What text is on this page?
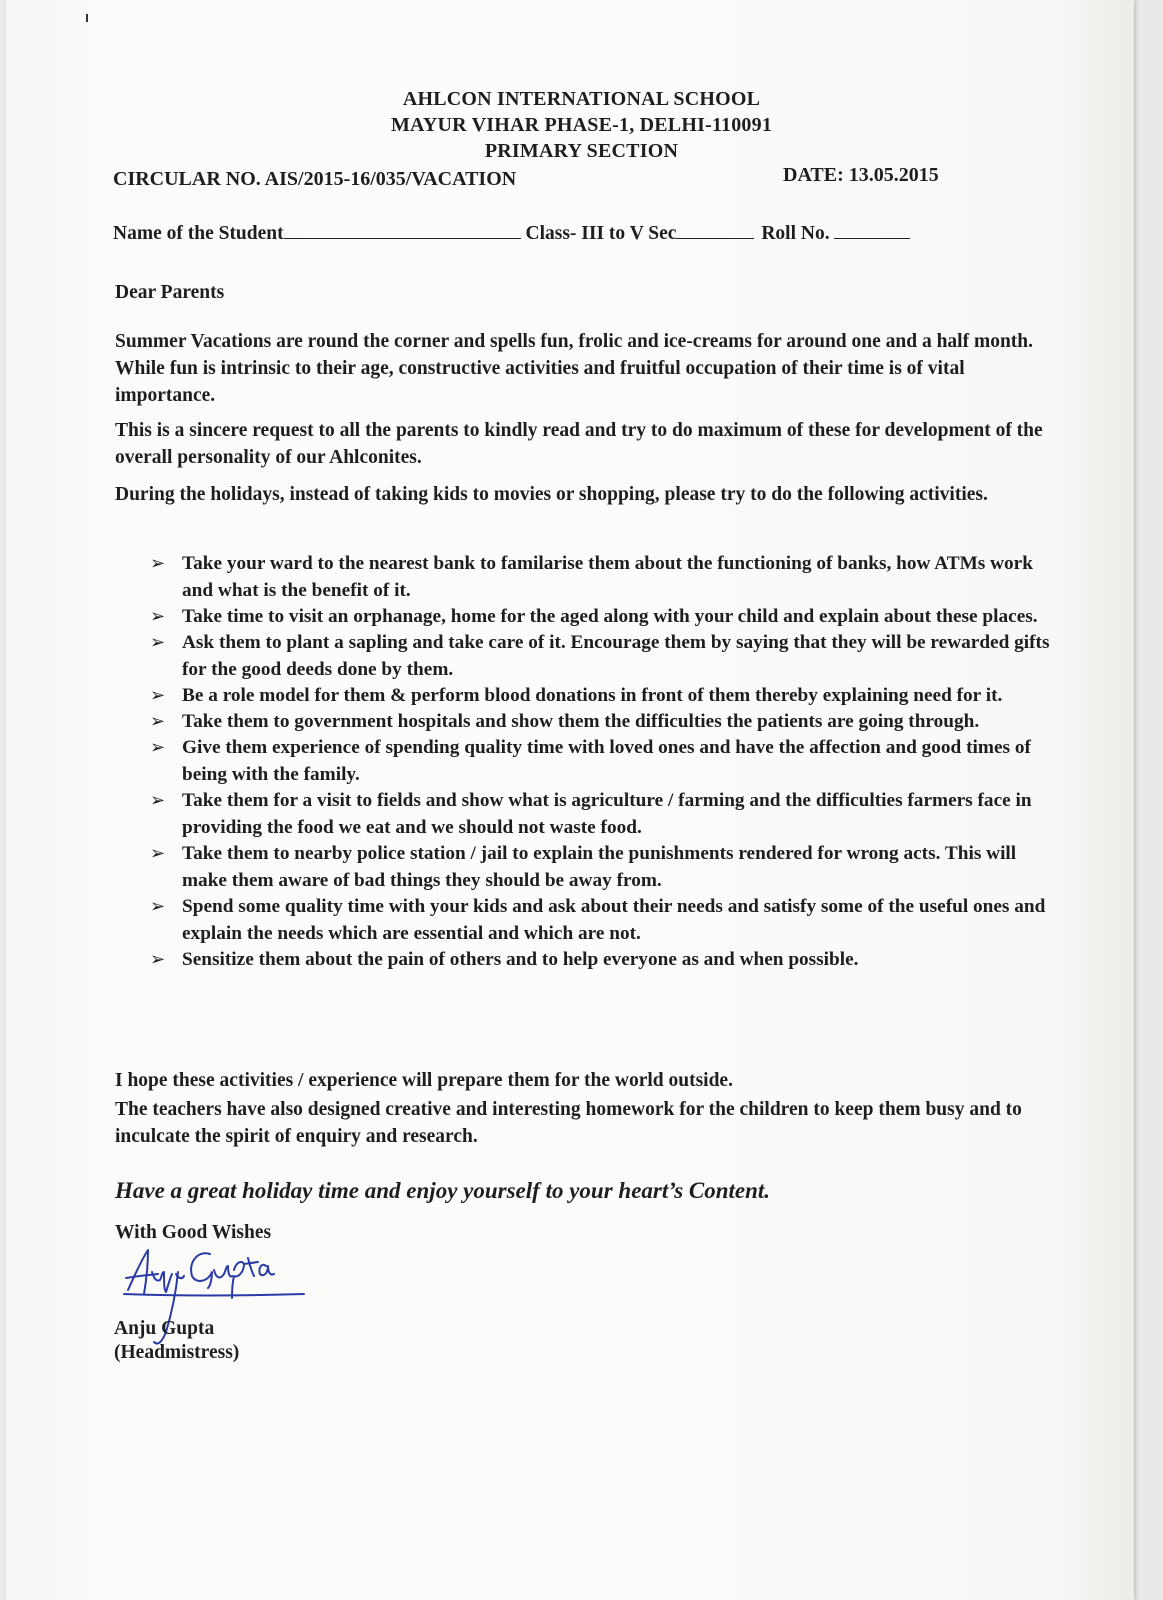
AHLCON INTERNATIONAL SCHOOL
MAYUR VIHAR PHASE-1, DELHI-110091
PRIMARY SECTION
CIRCULAR NO. AIS/2015-16/035/VACATION	DATE: 13.05.2015
Name of the Student	Class- III to V Sec	Roll No.
Dear Parents
Summer Vacations are round the corner and spells fun, frolic and ice-creams for around one and a half month. While fun is intrinsic to their age, constructive activities and fruitful occupation of their time is of vital importance.
This is a sincere request to all the parents to kindly read and try to do maximum of these for development of the overall personality of our Ahlconites.
During the holidays, instead of taking kids to movies or shopping, please try to do the following activities.
➢ Take your ward to the nearest bank to familarise them about the functioning of banks, how ATMs work and what is the benefit of it.
➢ Take time to visit an orphanage, home for the aged along with your child and explain about these places.
➢ Ask them to plant a sapling and take care of it. Encourage them by saying that they will be rewarded gifts for the good deeds done by them.
➢ Be a role model for them & perform blood donations in front of them thereby explaining need for it.
➢ Take them to government hospitals and show them the difficulties the patients are going through.
➢ Give them experience of spending quality time with loved ones and have the affection and good times of being with the family.
➢ Take them for a visit to fields and show what is agriculture / farming and the difficulties farmers face in providing the food we eat and we should not waste food.
➢ Take them to nearby police station / jail to explain the punishments rendered for wrong acts. This will make them aware of bad things they should be away from.
➢ Spend some quality time with your kids and ask about their needs and satisfy some of the useful ones and explain the needs which are essential and which are not.
➢ Sensitize them about the pain of others and to help everyone as and when possible.
I hope these activities / experience will prepare them for the world outside.
The teachers have also designed creative and interesting homework for the children to keep them busy and to inculcate the spirit of enquiry and research.
Have a great holiday time and enjoy yourself to your heart’s Content.
With Good Wishes
Anju Gupta
(Headmistress)
